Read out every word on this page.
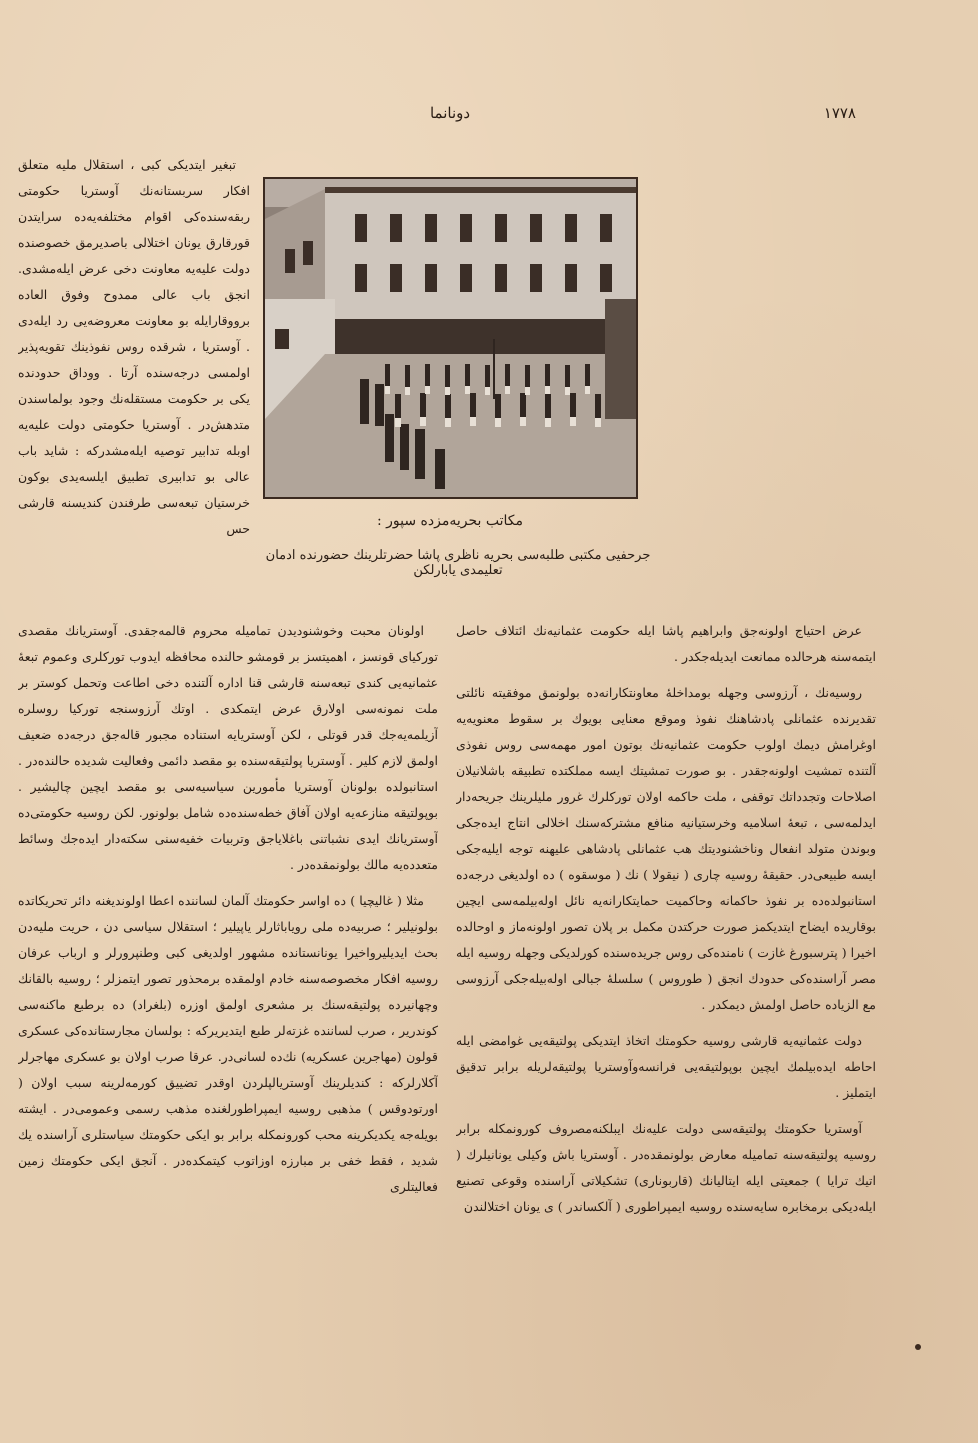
١٧٧٨
دونانما
مكاتب بحريه‌مزده سپور :
جرحفيی مكتبی طلبه‌سی بحريه ناظری پاشا حضرتلرينك حضورنده ادمان تعليمدی يابارلكن

تبغير ايتديكی كبی ، استقلال مليه متعلق افكار سربستانه‌نك آوستريا حكومتی ربقه‌سنده‌كی اقوام مختلفه‌يه‌ده سرايتدن قورقارق يونان اختلالی باصديرمق خصوصنده دولت عليه‌يه معاونت دخی عرض ايله‌مشدی. انجق باب عالی ممدوح وفوق العاده برووقارايله بو معاونت معروضه‌يی رد ايله‌دی . آوستريا ، شرقده روس نفوذينك تقويه‌پذير اولمسی درجه‌سنده آرتا . ووداق حدودنده يكی بر حكومت مستقله‌نك وجود بولماسندن متدهش‌در . آوستريا حكومتی دولت عليه‌يه اوبله تدابير توصيه ايله‌مشدركه : شايد باب عالی بو تدابيری تطبيق ايلسه‌يدی بوكون خرستيان تبعه‌سی طرفندن كنديسنه قارشی حس

اولونان محبت وخوشنوديدن تماميله محروم قالمه‌جقدی. آوستريانك مقصدی توركيای قونسز ، اهميتسز بر قومشو حالنده محافظه ايدوب توركلری وعموم تبعهٔ عثمانيه‌يی كندی تبعه‌سنه قارشی قنا اداره آلتنده دخی اطاعت وتحمل كوستر بر ملت نمونه‌سی اولارق عرض ايتمكدی . اوتك آرزوسنجه توركيا روسلره آزيلمه‌يه‌جك قدر قوتلی ، لكن آوستريايه استناده مجبور قاله‌جق درجه‌ده ضعيف اولمق لازم كلير . آوستريا پولتيقه‌سنده بو مقصد دائمی وفعاليت شديده حالنده‌در . استانبولده بولونان آوستريا مأمورين سياسيه‌سی بو مقصد ايچين چاليشير . بوپولتيقه منازعه‌يه اولان آفاق خطه‌سنده‌ده شامل بولونور. لكن روسيه حكومتی‌ده آوستريانك ايدی نشباتنی باغلاياجق وتربيات خفيه‌سنی سكته‌دار ايده‌جك وسائط متعدده‌يه مالك بولونمقده‌در .

مثلا ( غاليچيا ) ده اواسر حكومتك آلمان لساننده اعطا اولونديغنه دائر تحريكاتده بولونيلير ؛ صربيه‌ده ملی روياباثارلر ياپيلير ؛ استقلال سياسی دن ، حريت مليه‌دن بحث ايديليرواخيرا يونانستانده مشهور اولديغی كبی وطنپرورلر و ارباب عرفان روسيه افكار مخصوصه‌سنه خادم اولمقده برمحذور تصور ايتمزلر ؛ روسيه بالقانك وچهانيرده پولتيقه‌سنك بر مشعری اولمق اوزره (بلغراد) ده برطبع ماكنه‌سی كوندرير ، صرب لساننده غزته‌لر طبع ايتديريركه : بولسان مجارستانده‌كی عسكری قولون (مهاجرين عسكريه) نك‌ده لسانی‌در. عرقا صرب اولان بو عسكری مهاجرلر آكلارلركه : كنديلرينك آوستريالپلردن اوقدر تضييق كورمه‌لرينه سبب اولان ( اورتودوقس ) مذهبی روسيه ايمپراطورلغنده مذهب رسمی وعمومی‌در . ايشته بويله‌جه يكديكرينه محب كورونمكله برابر بو ايكی حكومتك سياستلری آراسنده يك شديد ، فقط خفی بر مبارزه اوزاتوب كيتمكده‌در . آنجق ايكی حكومتك زمين فعاليتلری

عرض احتياج اولونه‌جق وابراهيم پاشا ايله حكومت عثمانيه‌نك ائتلاف حاصل ايتمه‌سنه هرحالده ممانعت ايديله‌جكدر .

روسيه‌نك ، آرزوسی وجهله بومداخلهٔ معاونتكارانه‌ده بولونمق موفقيته نائلتی تقديرنده عثمانلی پادشاهنك نفوذ وموقع معنايی بويوك بر سقوط معنويه‌يه اوغرامش ديمك اولوب حكومت عثمانيه‌نك بوتون امور مهمه‌سی روس نفوذی آلتنده تمشيت اولونه‌جقدر . بو صورت تمشيتك ايسه مملكتده تطبيقه باشلانيلان اصلاحات وتجدداتك توقفی ، ملت حاكمه اولان توركلرك غرور مليلرينك جريحه‌دار ايدلمه‌سی ، تبعهٔ اسلاميه وخرستيانيه منافع مشتركه‌سنك اخلالی انتاج ايده‌جكی وبوندن متولد انفعال وناخشنوديتك هب عثمانلی پادشاهی عليهنه توجه ايليه‌جكی ايسه طبيعی‌در. حقيقهٔ روسيه چاری ( نيقولا ) نك ( موسقوه ) ده اولديغی درجه‌ده استانبولده‌ده بر نفوذ حاكمانه وحاكميت حمايتكارانه‌يه نائل اوله‌بيلمه‌سی ايچين بوقاريده ايضاح ايتديكمز صورت حركتدن مكمل بر پلان تصور اولونه‌ماز و اوحالده اخيرا ( پترسبورغ غازت ) نامنده‌كی روس جريده‌سنده كورلديكی وجهله روسيه ايله مصر آراسنده‌كی حدودك انجق ( طوروس ) سلسلهٔ جبالی اوله‌بيله‌جكی آرزوسی مع الزياده حاصل اولمش ديمكدر .

دولت عثمانيه‌يه قارشی روسيه حكومتك اتخاذ ايتديكی پولتيقه‌يی غوامضی ايله احاطه ايده‌بيلمك ايچين بوپولتيقه‌يی فرانسه‌وآوستريا پولتيقه‌لريله برابر تدقيق ايتمليز .

آوستريا حكومتك پولتيقه‌سی دولت عليه‌نك ايبلكنه‌مصروف كورونمكله برابر روسيه پولتيقه‌سنه تماميله معارض بولونمقده‌در . آوستريا باش وكيلی يونانيلرك ( اتيك ترايا ) جمعيتی ايله ايتاليانك (قاربونارى) تشكيلاتی آراسنده وقوعی تصنيع ايله‌ديكی برمخابره سايه‌سنده روسيه ايمپراطوری ( آلكساندر ) ی يونان اختلالندن
